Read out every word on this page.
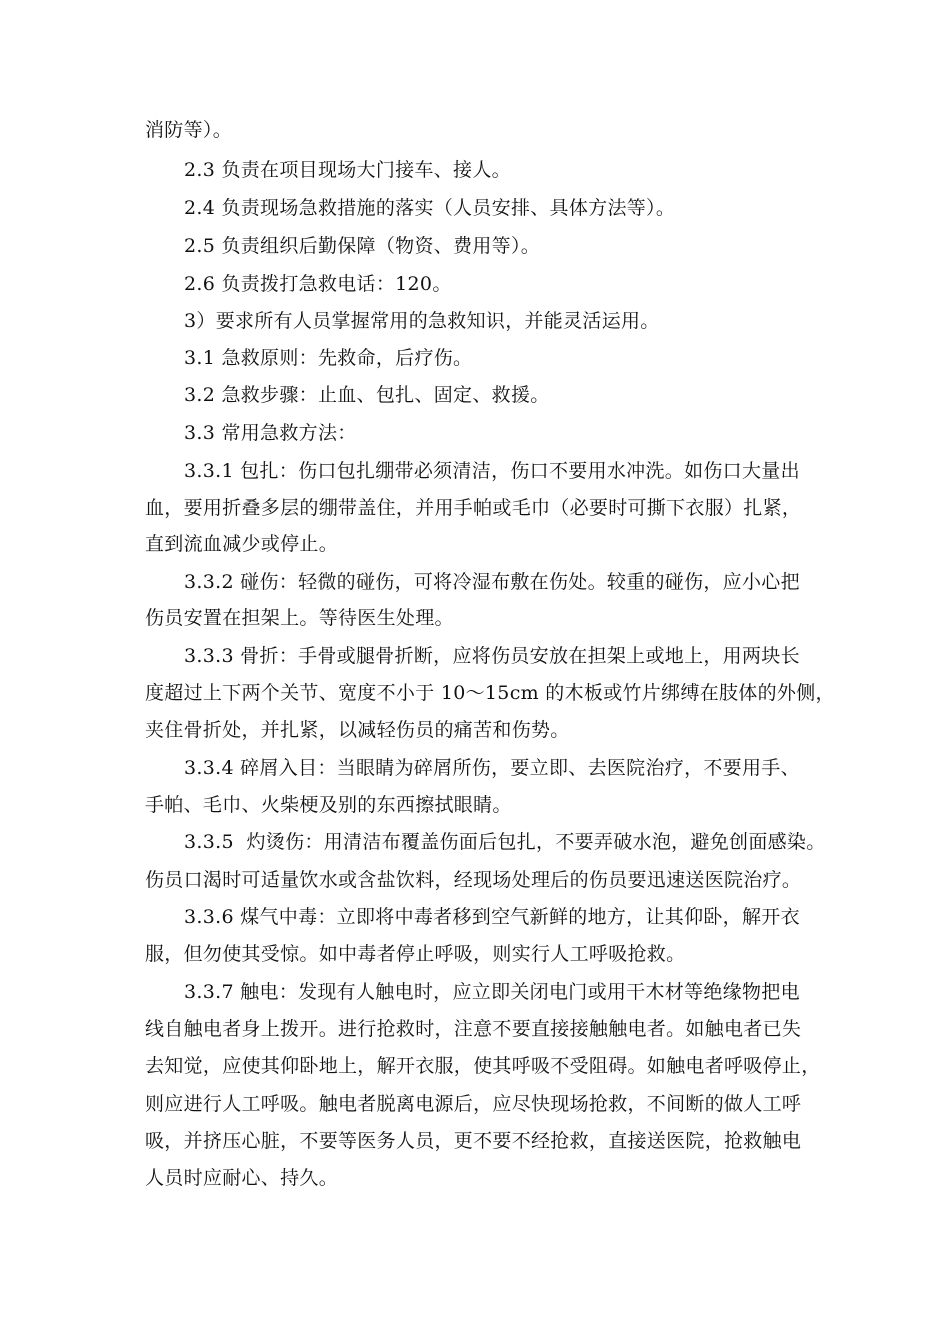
消防等）。

2.3 负责在项目现场大门接车、接人。

2.4 负责现场急救措施的落实（人员安排、具体方法等）。

2.5 负责组织后勤保障（物资、费用等）。

2.6 负责拨打急救电话：120。

3）要求所有人员掌握常用的急救知识，并能灵活运用。

3.1 急救原则：先救命，后疗伤。

3.2 急救步骤：止血、包扎、固定、救援。

3.3 常用急救方法：

3.3.1 包扎：伤口包扎绷带必须清洁，伤口不要用水冲洗。如伤口大量出

血，要用折叠多层的绷带盖住，并用手帕或毛巾（必要时可撕下衣服）扎紧，

直到流血减少或停止。

3.3.2 碰伤：轻微的碰伤，可将冷湿布敷在伤处。较重的碰伤，应小心把

伤员安置在担架上。等待医生处理。

3.3.3 骨折：手骨或腿骨折断，应将伤员安放在担架上或地上，用两块长

度超过上下两个关节、宽度不小于 10～15cm 的木板或竹片绑缚在肢体的外侧，

夹住骨折处，并扎紧，以减轻伤员的痛苦和伤势。

3.3.4 碎屑入目：当眼睛为碎屑所伤，要立即、去医院治疗，不要用手、

手帕、毛巾、火柴梗及别的东西擦拭眼睛。

3.3.5  灼烫伤：用清洁布覆盖伤面后包扎，不要弄破水泡，避免创面感染。

伤员口渴时可适量饮水或含盐饮料，经现场处理后的伤员要迅速送医院治疗。

3.3.6 煤气中毒：立即将中毒者移到空气新鲜的地方，让其仰卧，解开衣

服，但勿使其受惊。如中毒者停止呼吸，则实行人工呼吸抢救。

3.3.7 触电：发现有人触电时，应立即关闭电门或用干木材等绝缘物把电

线自触电者身上拨开。进行抢救时，注意不要直接接触触电者。如触电者已失

去知觉，应使其仰卧地上，解开衣服，使其呼吸不受阻碍。如触电者呼吸停止，

则应进行人工呼吸。触电者脱离电源后，应尽快现场抢救，不间断的做人工呼

吸，并挤压心脏，不要等医务人员，更不要不经抢救，直接送医院，抢救触电

人员时应耐心、持久。
